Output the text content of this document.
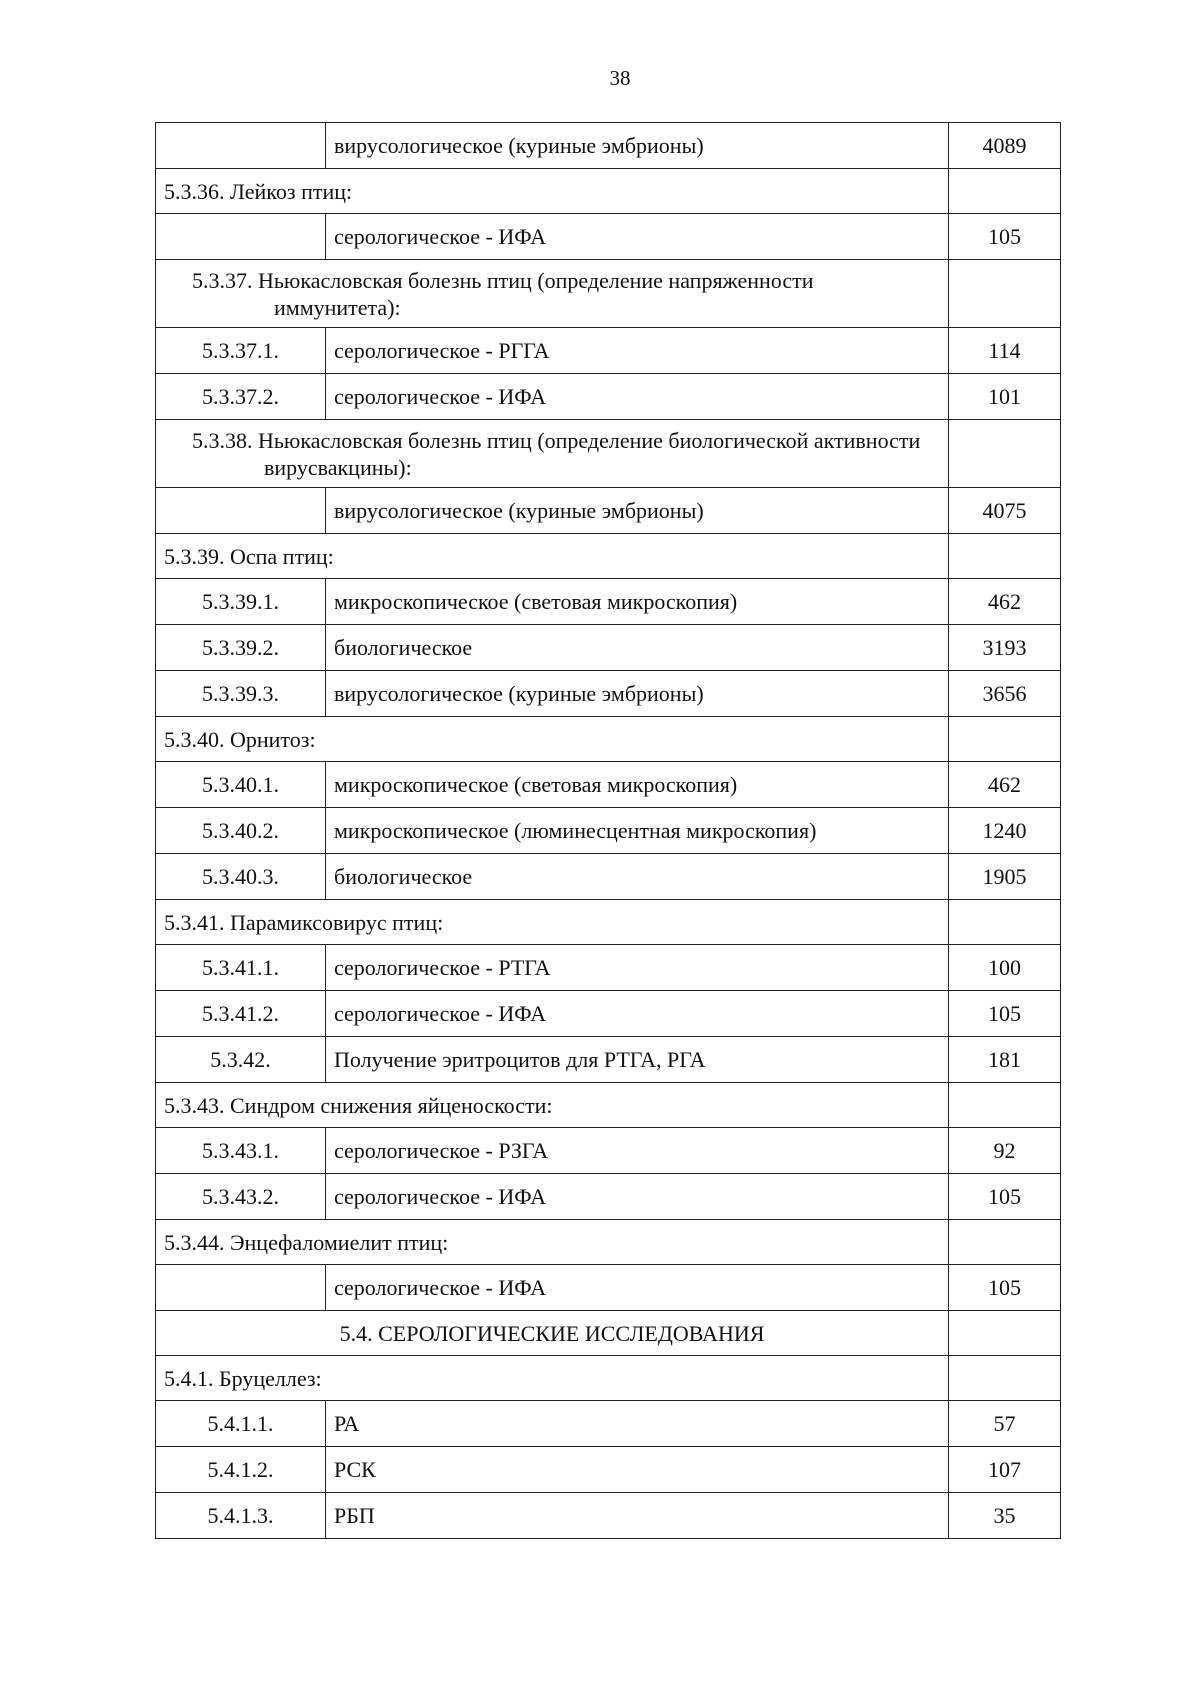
38
	вирусологическое (куриные эмбрионы)	4089
5.3.36. Лейкоз птиц:		
	серологическое - ИФА	105
5.3.37. Ньюкасловская болезнь птиц (определение напряженности иммунитета):		
5.3.37.1.	серологическое - РГГА	114
5.3.37.2.	серологическое - ИФА	101
5.3.38. Ньюкасловская болезнь птиц (определение биологической активности вирусвакцины):		
	вирусологическое (куриные эмбрионы)	4075
5.3.39. Оспа птиц:		
5.3.39.1.	микроскопическое (световая микроскопия)	462
5.3.39.2.	биологическое	3193
5.3.39.3.	вирусологическое (куриные эмбрионы)	3656
5.3.40. Орнитоз:		
5.3.40.1.	микроскопическое (световая микроскопия)	462
5.3.40.2.	микроскопическое (люминесцентная микроскопия)	1240
5.3.40.3.	биологическое	1905
5.3.41. Парамиксовирус птиц:		
5.3.41.1.	серологическое - РТГА	100
5.3.41.2.	серологическое - ИФА	105
5.3.42.	Получение эритроцитов для РТГА, РГА	181
5.3.43. Синдром снижения яйценоскости:		
5.3.43.1.	серологическое - РЗГА	92
5.3.43.2.	серологическое - ИФА	105
5.3.44. Энцефаломиелит птиц:		
	серологическое - ИФА	105
5.4. СЕРОЛОГИЧЕСКИЕ ИССЛЕДОВАНИЯ		
5.4.1. Бруцеллез:		
5.4.1.1.	РА	57
5.4.1.2.	РСК	107
5.4.1.3.	РБП	35
